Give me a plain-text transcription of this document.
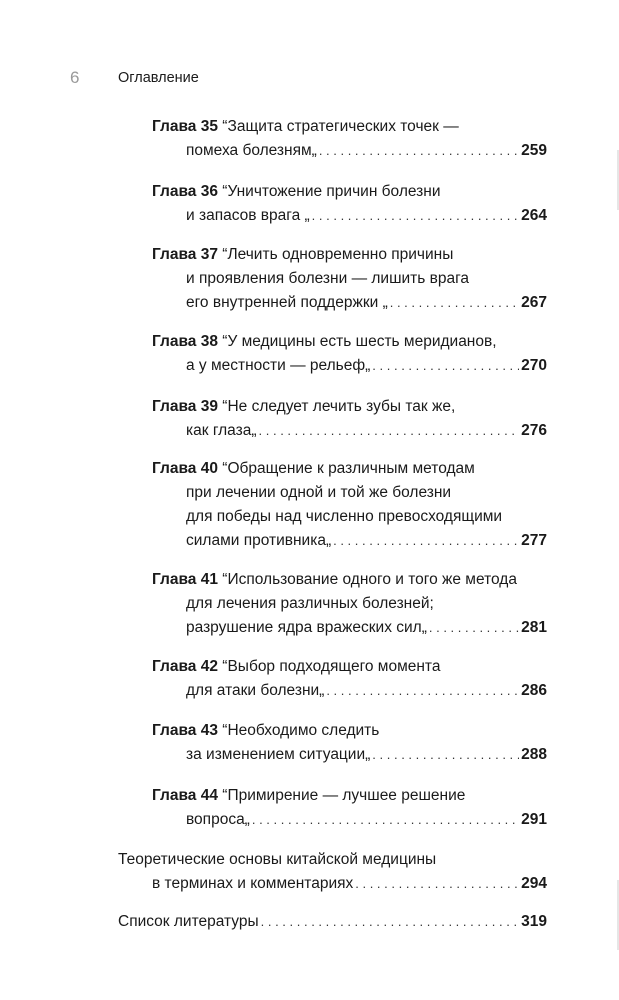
6	Оглавление
Глава 35 “Защита стратегических точек —
помеха болезням„ . . .	259
Глава 36 “Уничтожение причин болезни
и запасов врага „ . . .	264
Глава 37 “Лечить одновременно причины
и проявления болезни — лишить врага
его внутренней поддержки „ . . .	267
Глава 38 “У медицины есть шесть меридианов,
а у местности — рельеф„ . . .	270
Глава 39 “Не следует лечить зубы так же,
как глаза„ . . .	276
Глава 40 “Обращение к различным методам
при лечении одной и той же болезни
для победы над численно превосходящими
силами противника„ . . .	277
Глава 41 “Использование одного и того же метода
для лечения различных болезней;
разрушение ядра вражеских сил„ . . .	281
Глава 42 “Выбор подходящего момента
для атаки болезни„ . . .	286
Глава 43 “Необходимо следить
за изменением ситуации„ . . .	288
Глава 44 “Примирение — лучшее решение
вопроса„ . . .	291
Теоретические основы китайской медицины
в терминах и комментариях . . .	294
Список литературы . . .	319
